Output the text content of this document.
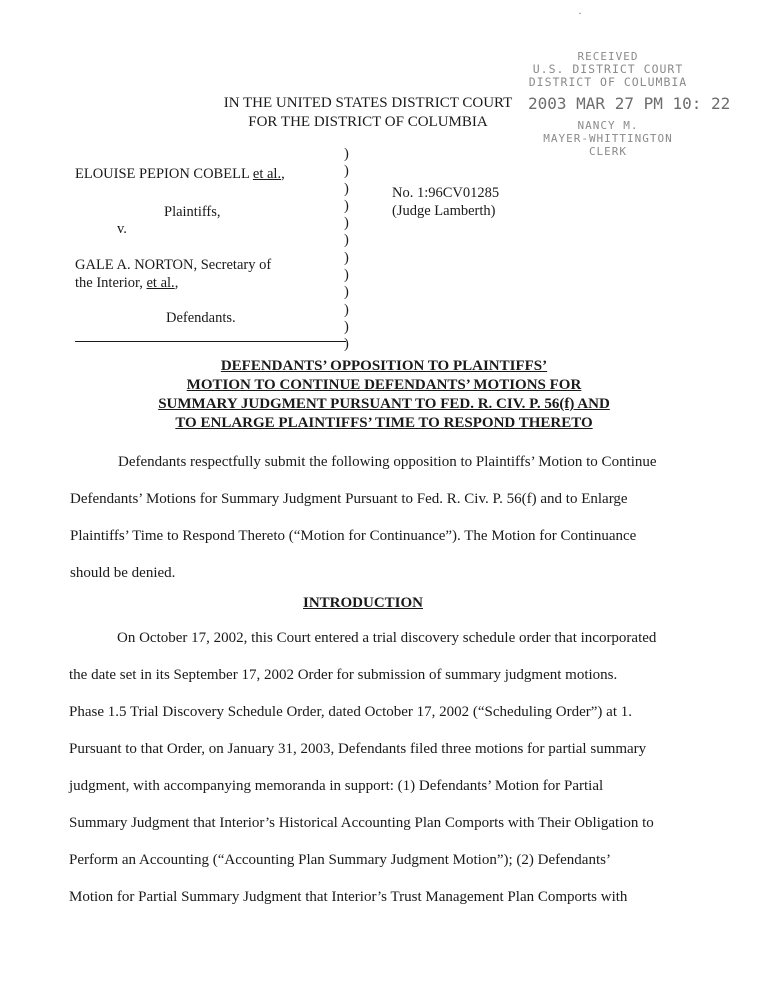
·
IN THE UNITED STATES DISTRICT COURT
FOR THE DISTRICT OF COLUMBIA
RECEIVED
U.S. DISTRICT COURT
DISTRICT OF COLUMBIA
2003 MAR 27 PM 10: 22
NANCY M.
MAYER-WHITTINGTON
CLERK
ELOUISE PEPION COBELL et al.,
Plaintiffs,
v.
GALE A. NORTON, Secretary of
the Interior, et al.,
Defendants.
)
)
)
)
)
)
)
)
)
)
)
)
No. 1:96CV01285
(Judge Lamberth)
DEFENDANTS’ OPPOSITION TO PLAINTIFFS’
MOTION TO CONTINUE DEFENDANTS’ MOTIONS FOR
SUMMARY JUDGMENT PURSUANT TO FED. R. CIV. P. 56(f) AND
TO ENLARGE PLAINTIFFS’ TIME TO RESPOND THERETO
Defendants respectfully submit the following opposition to Plaintiffs’ Motion to Continue
Defendants’ Motions for Summary Judgment Pursuant to Fed. R. Civ. P. 56(f) and to Enlarge
Plaintiffs’ Time to Respond Thereto (“Motion for Continuance”). The Motion for Continuance
should be denied.
INTRODUCTION
On October 17, 2002, this Court entered a trial discovery schedule order that incorporated
the date set in its September 17, 2002 Order for submission of summary judgment motions.
Phase 1.5 Trial Discovery Schedule Order, dated October 17, 2002 (“Scheduling Order”) at 1.
Pursuant to that Order, on January 31, 2003, Defendants filed three motions for partial summary
judgment, with accompanying memoranda in support: (1) Defendants’ Motion for Partial
Summary Judgment that Interior’s Historical Accounting Plan Comports with Their Obligation to
Perform an Accounting (“Accounting Plan Summary Judgment Motion”); (2) Defendants’
Motion for Partial Summary Judgment that Interior’s Trust Management Plan Comports with
